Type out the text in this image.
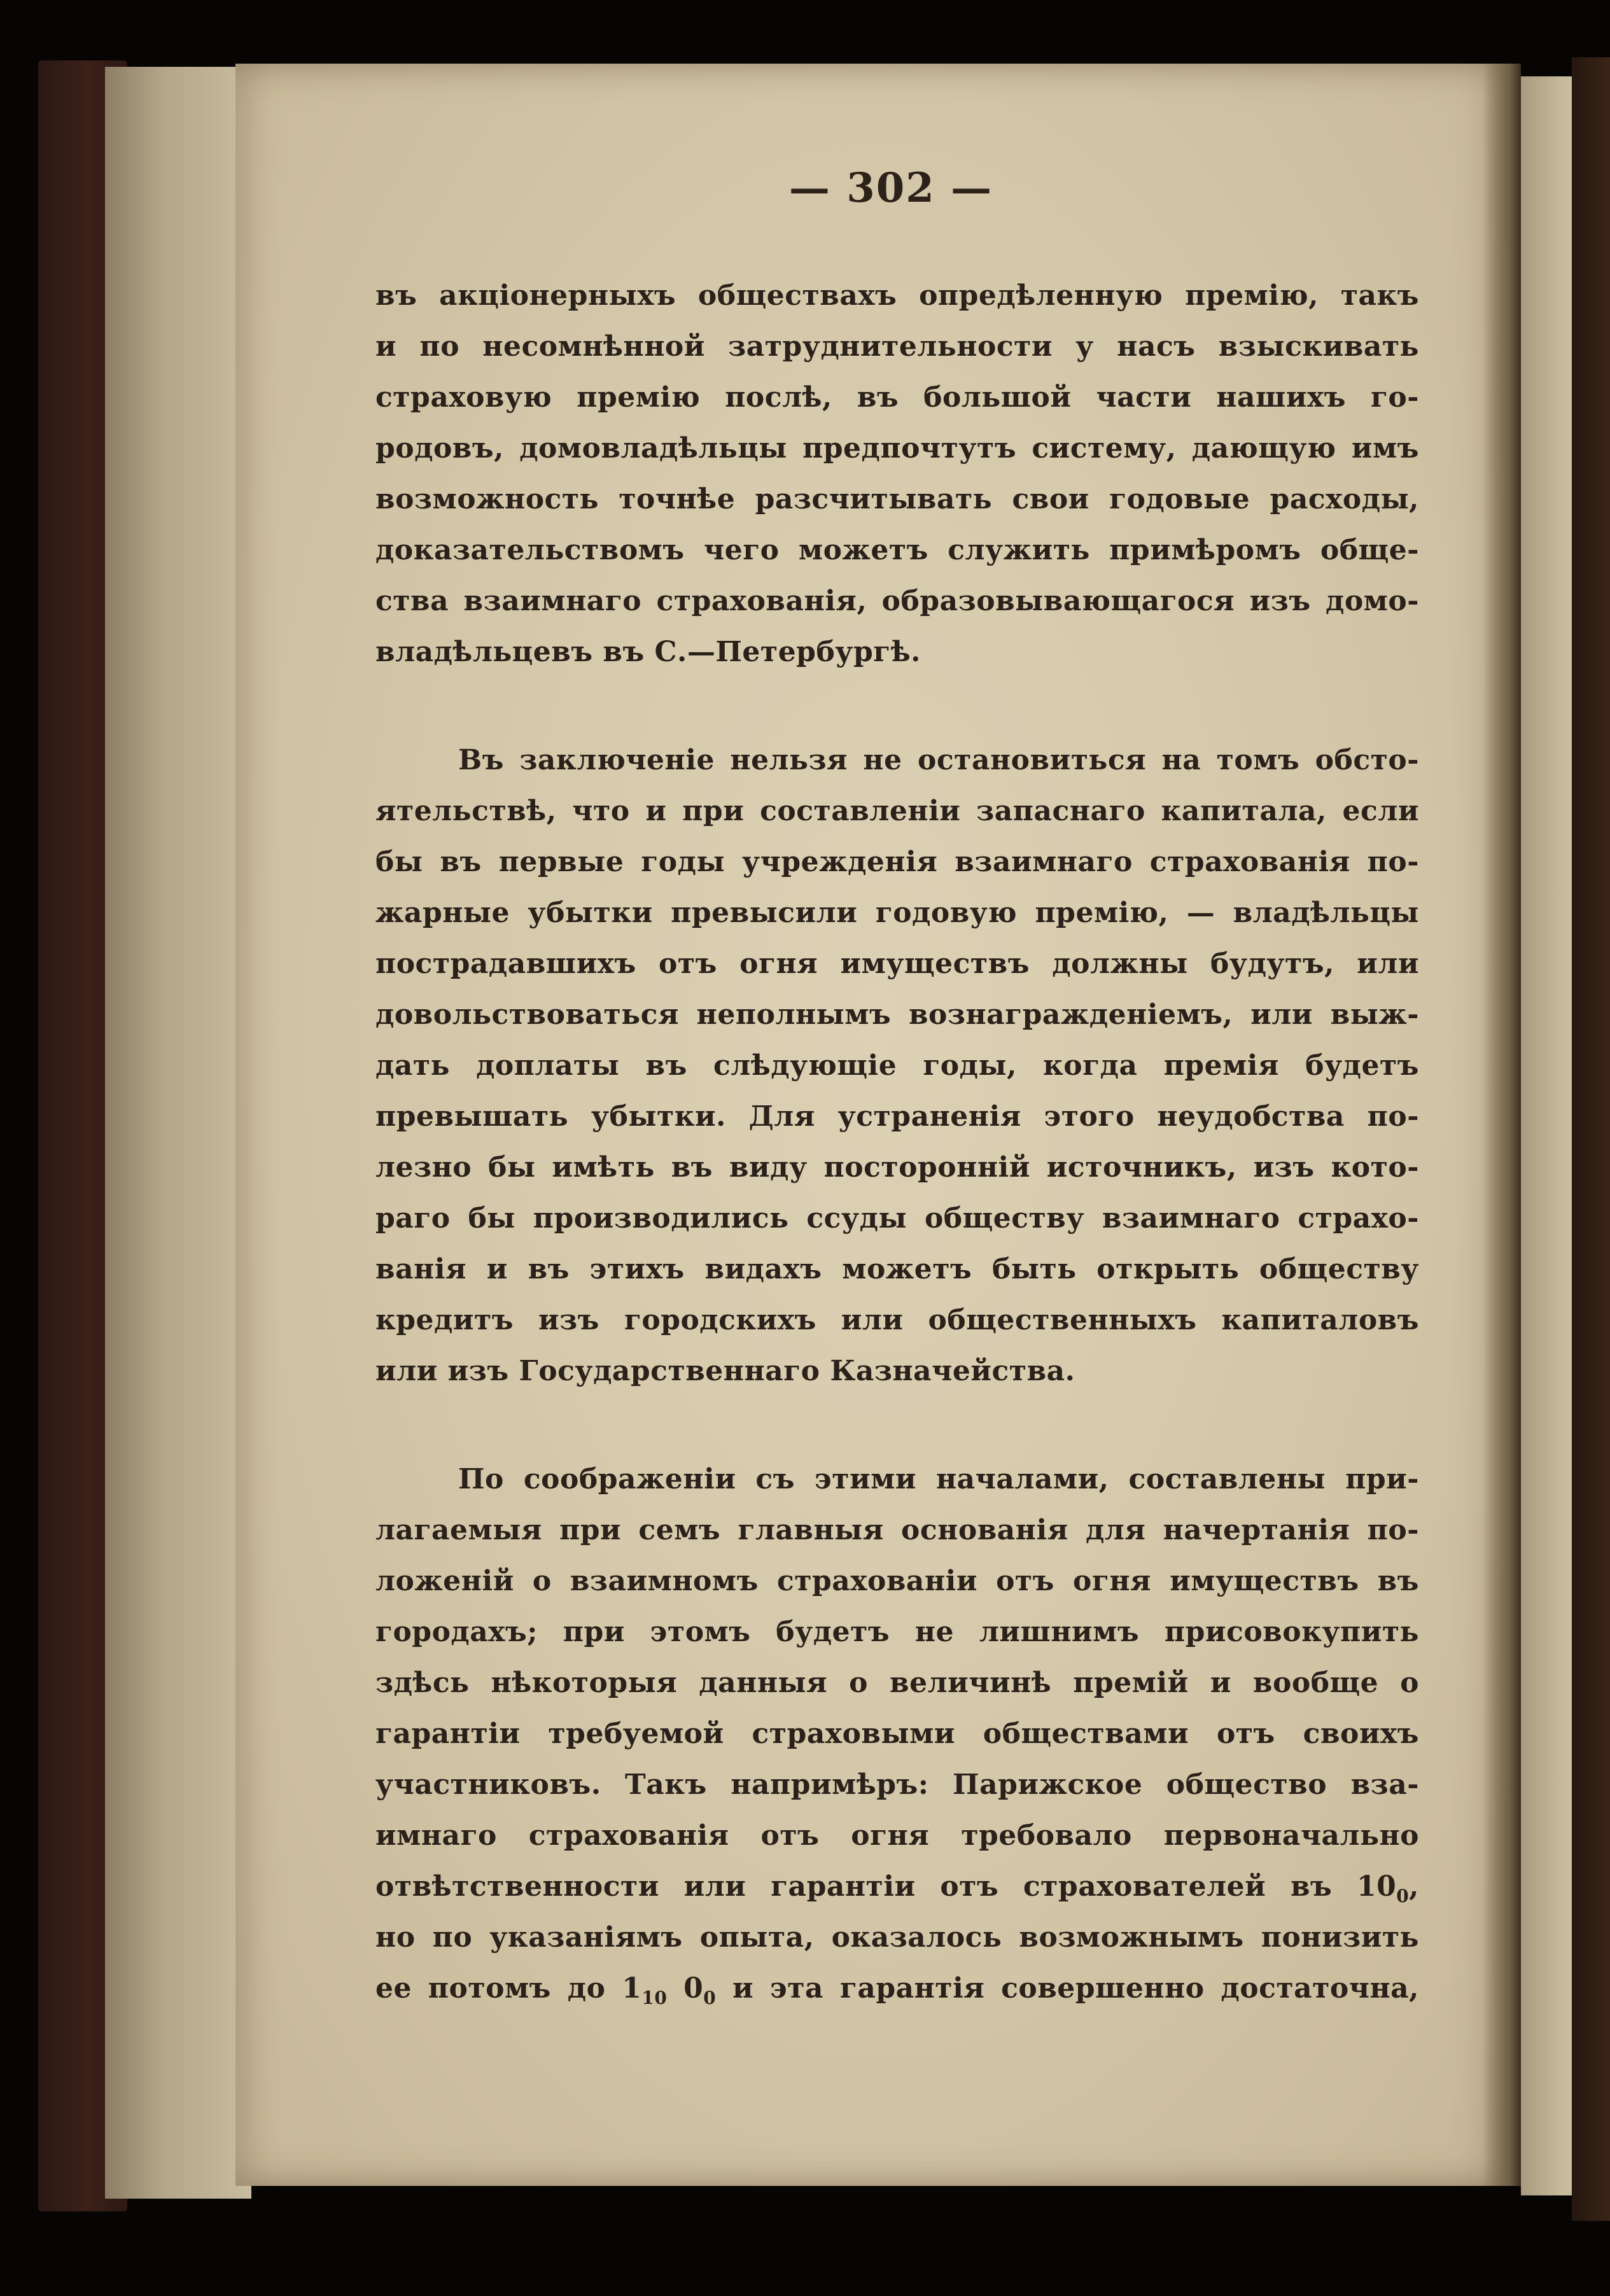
— 302 —
въ акціонерныхъ обществахъ опредѣленную премію, такъ
и по несомнѣнной затруднительности у насъ взыскивать
страховую премію послѣ, въ большой части нашихъ го-
родовъ, домовладѣльцы предпочтутъ систему, дающую имъ
возможность точнѣе разсчитывать свои годовые расходы,
доказательствомъ чего можетъ служить примѣромъ обще-
ства взаимнаго страхованія, образовывающагося изъ домо-
владѣльцевъ въ С.—Петербургѣ.
Въ заключеніе нельзя не остановиться на томъ обсто-
ятельствѣ, что и при составленіи запаснаго капитала, если
бы въ первые годы учрежденія взаимнаго страхованія по-
жарные убытки превысили годовую премію, — владѣльцы
пострадавшихъ отъ огня имуществъ должны будутъ, или
довольствоваться неполнымъ вознагражденіемъ, или выж-
дать доплаты въ слѣдующіе годы, когда премія будетъ
превышать убытки. Для устраненія этого неудобства по-
лезно бы имѣть въ виду посторонній источникъ, изъ кото-
раго бы производились ссуды обществу взаимнаго страхо-
ванія и въ этихъ видахъ можетъ быть открыть обществу
кредитъ изъ городскихъ или общественныхъ капиталовъ
или изъ Государственнаго Казначейства.
По соображеніи съ этими началами, составлены при-
лагаемыя при семъ главныя основанія для начертанія по-
ложеній о взаимномъ страхованіи отъ огня имуществъ въ
городахъ; при этомъ будетъ не лишнимъ присовокупить
здѣсь нѣкоторыя данныя о величинѣ премій и вообще о
гарантіи требуемой страховыми обществами отъ своихъ
участниковъ. Такъ напримѣръ: Парижское общество вза-
имнаго страхованія отъ огня требовало первоначально
отвѣтственности или гарантіи отъ страхователей въ $10_0$,
но по указаніямъ опыта, оказалось возможнымъ понизить
ее потомъ до $1_{10}$ $0_0$ и эта гарантія совершенно достаточна,
